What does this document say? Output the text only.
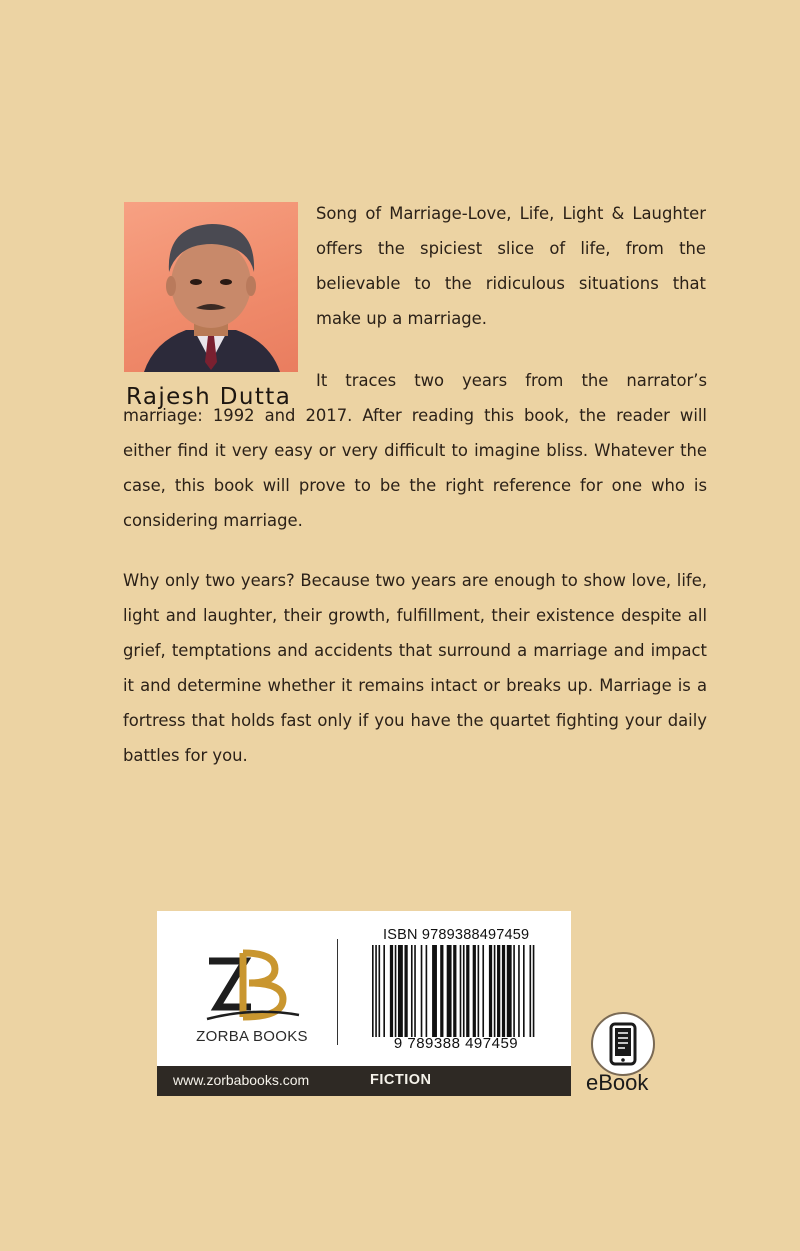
Rajesh Dutta

Song of Marriage-Love, Life, Light & Laughter offers the spiciest slice of life, from the believable to the ridiculous situations that make up a marriage.

It traces two years from the narrator’s marriage: 1992 and 2017. After reading this book, the reader will either find it very easy or very difficult to imagine bliss. Whatever the case, this book will prove to be the right reference for one who is considering marriage.

Why only two years? Because two years are enough to show love, life, light and laughter, their growth, fulfillment, their existence despite all grief, temptations and accidents that surround a marriage and impact it and determine whether it remains intact or breaks up. Marriage is a fortress that holds fast only if you have the quartet fighting your daily battles for you.

ZORBA BOOKS
ISBN 9789388497459
9 789388 497459
www.zorbabooks.com	FICTION	eBook
